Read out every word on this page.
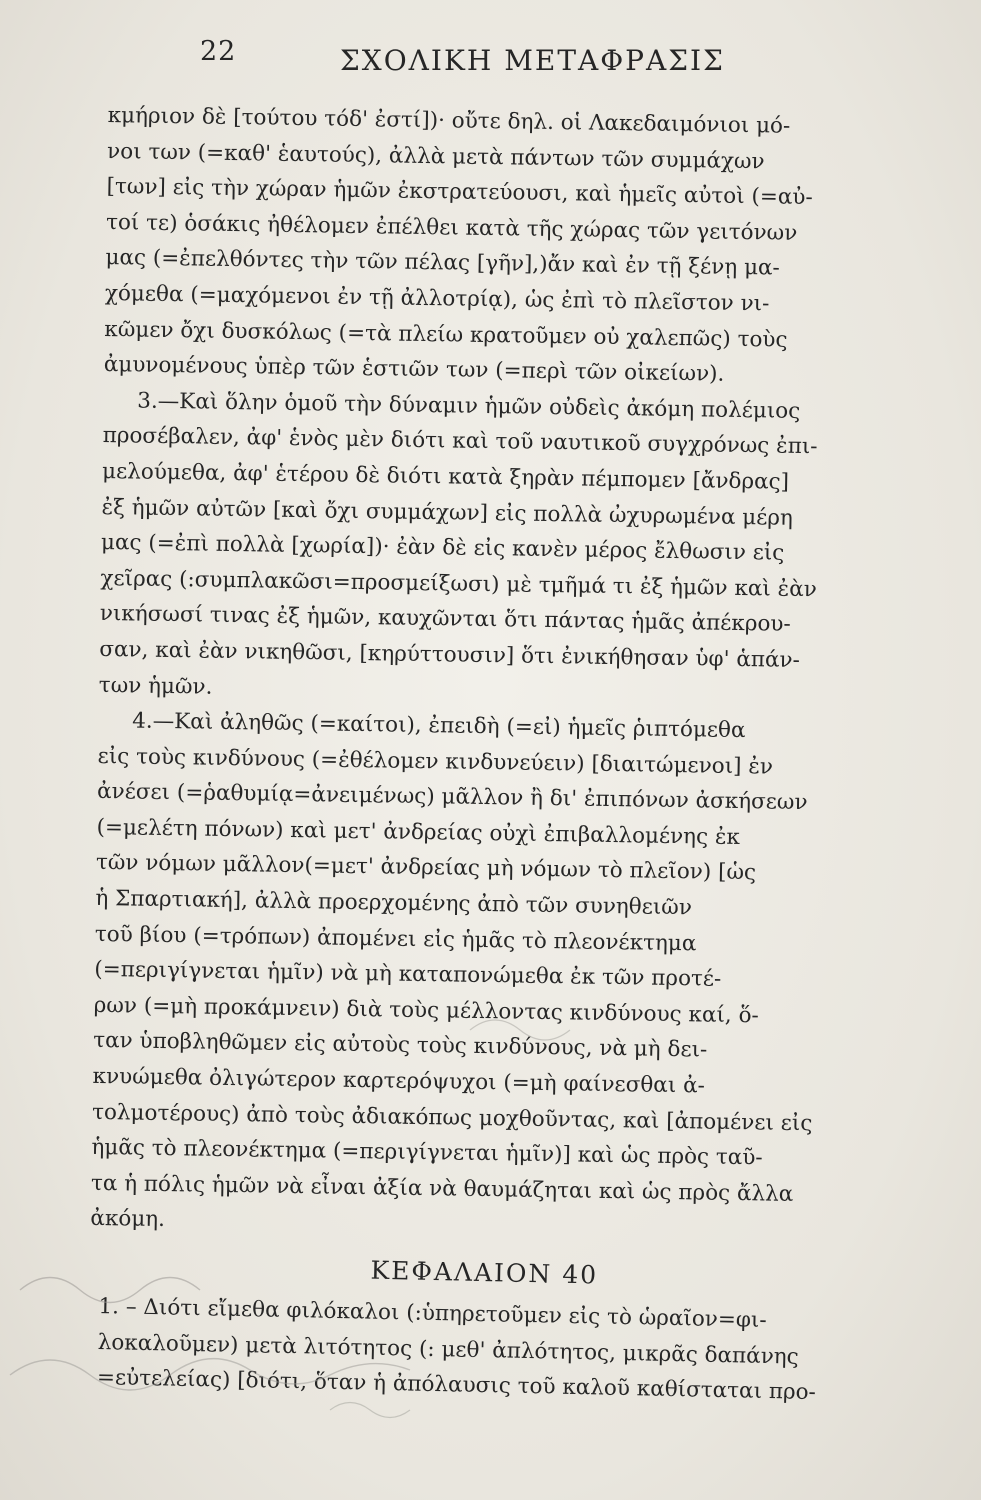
22	ΣΧΟΛΙΚΗ ΜΕΤΑΦΡΑΣΙΣ
κμήριον δὲ [τούτου τόδ' ἐστί])· οὔτε δηλ. οἱ Λακεδαιμόνιοι μό-
νοι των (=καθ' ἑαυτούς), ἀλλὰ μετὰ πάντων τῶν συμμάχων
[των] εἰς τὴν χώραν ἡμῶν ἐκστρατεύουσι, καὶ ἡμεῖς αὐτοὶ (=αὐ-
τοί τε) ὁσάκις ἠθέλομεν ἐπέλθει κατὰ τῆς χώρας τῶν γειτόνων
μας (=ἐπελθόντες τὴν τῶν πέλας [γῆν],)ἄν καὶ ἐν τῇ ξένῃ μα-
χόμεθα (=μαχόμενοι ἐν τῇ ἀλλοτρίᾳ), ὡς ἐπὶ τὸ πλεῖστον νι-
κῶμεν ὄχι δυσκόλως (=τὰ πλείω κρατοῦμεν οὐ χαλεπῶς) τοὺς
ἀμυνομένους ὑπὲρ τῶν ἑστιῶν των (=περὶ τῶν οἰκείων).
3.—Καὶ ὅλην ὁμοῦ τὴν δύναμιν ἡμῶν οὐδεὶς ἀκόμη πολέμιος
προσέβαλεν, ἀφ' ἑνὸς μὲν διότι καὶ τοῦ ναυτικοῦ συγχρόνως ἐπι-
μελούμεθα, ἀφ' ἑτέρου δὲ διότι κατὰ ξηρὰν πέμπομεν [ἄνδρας]
ἐξ ἡμῶν αὐτῶν [καὶ ὄχι συμμάχων] εἰς πολλὰ ὠχυρωμένα μέρη
μας (=ἐπὶ πολλὰ [χωρία])· ἐὰν δὲ εἰς κανὲν μέρος ἔλθωσιν εἰς
χεῖρας (:συμπλακῶσι=προσμείξωσι) μὲ τμῆμά τι ἐξ ἡμῶν καὶ ἐὰν
νικήσωσί τινας ἐξ ἡμῶν, καυχῶνται ὅτι πάντας ἡμᾶς ἀπέκρου-
σαν, καὶ ἐὰν νικηθῶσι, [κηρύττουσιν] ὅτι ἐνικήθησαν ὑφ' ἁπάν-
των ἡμῶν.
4.—Καὶ ἀληθῶς (=καίτοι), ἐπειδὴ (=εἰ) ἡμεῖς ῥιπτόμεθα
εἰς τοὺς κινδύνους (=ἐθέλομεν κινδυνεύειν) [διαιτώμενοι] ἐν
ἀνέσει (=ῥαθυμίᾳ=ἀνειμένως) μᾶλλον ἢ δι' ἐπιπόνων ἀσκήσεων
(=μελέτη πόνων) καὶ μετ' ἀνδρείας οὐχὶ ἐπιβαλλομένης ἐκ
τῶν νόμων μᾶλλον(=μετ' ἀνδρείας μὴ νόμων τὸ πλεῖον) [ὡς
ἡ Σπαρτιακή], ἀλλὰ προερχομένης ἀπὸ τῶν συνηθειῶν
τοῦ βίου (=τρόπων) ἀπομένει εἰς ἡμᾶς τὸ πλεονέκτημα
(=περιγίγνεται ἡμῖν) νὰ μὴ καταπονώμεθα ἐκ τῶν προτέ-
ρων (=μὴ προκάμνειν) διὰ τοὺς μέλλοντας κινδύνους καί, ὅ-
ταν ὑποβληθῶμεν εἰς αὐτοὺς τοὺς κινδύνους, νὰ μὴ δει-
κνυώμεθα ὀλιγώτερον καρτερόψυχοι (=μὴ φαίνεσθαι ἀ-
τολμοτέρους) ἀπὸ τοὺς ἀδιακόπως μοχθοῦντας, καὶ [ἀπομένει εἰς
ἡμᾶς τὸ πλεονέκτημα (=περιγίγνεται ἡμῖν)] καὶ ὡς πρὸς ταῦ-
τα ἡ πόλις ἡμῶν νὰ εἶναι ἀξία νὰ θαυμάζηται καὶ ὡς πρὸς ἄλλα
ἀκόμη.
ΚΕΦΑΛΑΙΟΝ 40
1. – Διότι εἴμεθα φιλόκαλοι (:ὑπηρετοῦμεν εἰς τὸ ὡραῖον=φι-
λοκαλοῦμεν) μετὰ λιτότητος (: μεθ' ἀπλότητος, μικρᾶς δαπάνης
=εὐτελείας) [διότι, ὅταν ἡ ἀπόλαυσις τοῦ καλοῦ καθίσταται προ-
